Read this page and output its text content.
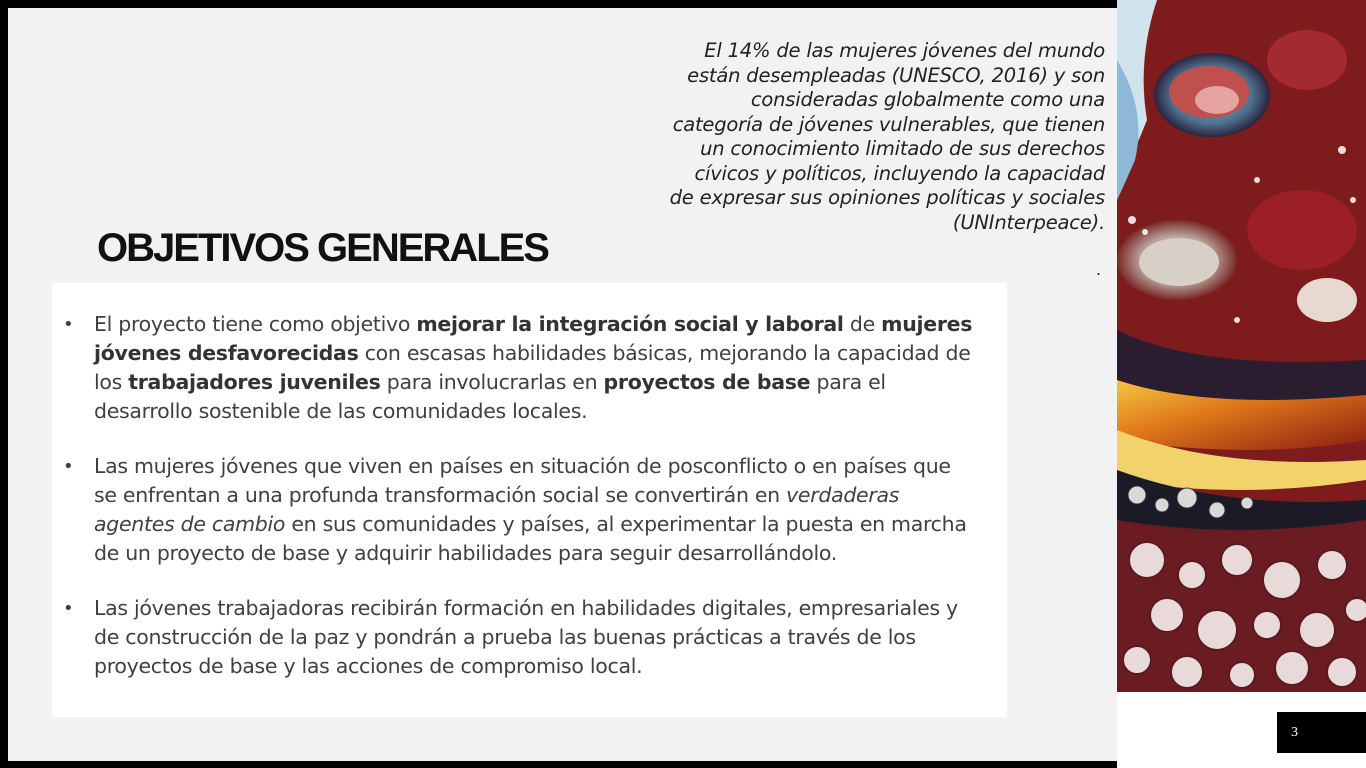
El 14% de las mujeres jóvenes del mundo
están desempleadas (UNESCO, 2016) y son
consideradas globalmente como una
categoría de jóvenes vulnerables, que tienen
un conocimiento limitado de sus derechos
cívicos y políticos, incluyendo la capacidad
de expresar sus opiniones políticas y sociales
(UNInterpeace).
.
OBJETIVOS GENERALES
• El proyecto tiene como objetivo mejorar la integración social y laboral de mujeres jóvenes desfavorecidas con escasas habilidades básicas, mejorando la capacidad de los trabajadores juveniles para involucrarlas en proyectos de base para el desarrollo sostenible de las comunidades locales.
• Las mujeres jóvenes que viven en países en situación de posconflicto o en países que se enfrentan a una profunda transformación social se convertirán en verdaderas agentes de cambio en sus comunidades y países, al experimentar la puesta en marcha de un proyecto de base y adquirir habilidades para seguir desarrollándolo.
• Las jóvenes trabajadoras recibirán formación en habilidades digitales, empresariales y de construcción de la paz y pondrán a prueba las buenas prácticas a través de los proyectos de base y las acciones de compromiso local.
3
